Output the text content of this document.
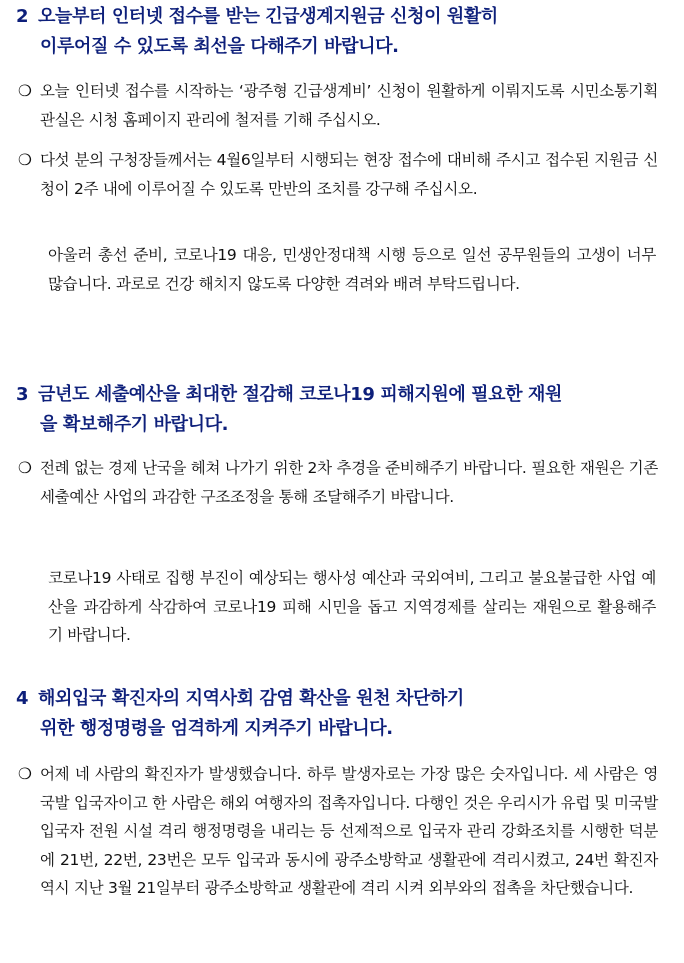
2 오늘부터 인터넷 접수를 받는 긴급생계지원금 신청이 원활히
이루어질 수 있도록 최선을 다해주기 바랍니다.
❍ 오늘 인터넷 접수를 시작하는 ‘광주형 긴급생계비’ 신청이 원활하게 이뤄지도록 시민소통기획관실은 시청 홈페이지 관리에 철저를 기해 주십시오.
❍ 다섯 분의 구청장들께서는 4월6일부터 시행되는 현장 접수에 대비해 주시고 접수된 지원금 신청이 2주 내에 이루어질 수 있도록 만반의 조치를 강구해 주십시오.
아울러 총선 준비, 코로나19 대응, 민생안정대책 시행 등으로 일선 공무원들의 고생이 너무 많습니다. 과로로 건강 해치지 않도록 다양한 격려와 배려 부탁드립니다.
3 금년도 세출예산을 최대한 절감해 코로나19 피해지원에 필요한 재원
을 확보해주기 바랍니다.
❍ 전례 없는 경제 난국을 헤쳐 나가기 위한 2차 추경을 준비해주기 바랍니다. 필요한 재원은 기존 세출예산 사업의 과감한 구조조정을 통해 조달해주기 바랍니다.
코로나19 사태로 집행 부진이 예상되는 행사성 예산과 국외여비, 그리고 불요불급한 사업 예산을 과감하게 삭감하여 코로나19 피해 시민을 돕고 지역경제를 살리는 재원으로 활용해주기 바랍니다.
4 해외입국 확진자의 지역사회 감염 확산을 원천 차단하기
위한 행정명령을 엄격하게 지켜주기 바랍니다.
❍ 어제 네 사람의 확진자가 발생했습니다. 하루 발생자로는 가장 많은 숫자입니다. 세 사람은 영국발 입국자이고 한 사람은 해외 여행자의 접촉자입니다. 다행인 것은 우리시가 유럽 및 미국발 입국자 전원 시설 격리 행정명령을 내리는 등 선제적으로 입국자 관리 강화조치를 시행한 덕분에 21번, 22번, 23번은 모두 입국과 동시에 광주소방학교 생활관에 격리시켰고, 24번 확진자 역시 지난 3월 21일부터 광주소방학교 생활관에 격리 시켜 외부와의 접촉을 차단했습니다.
